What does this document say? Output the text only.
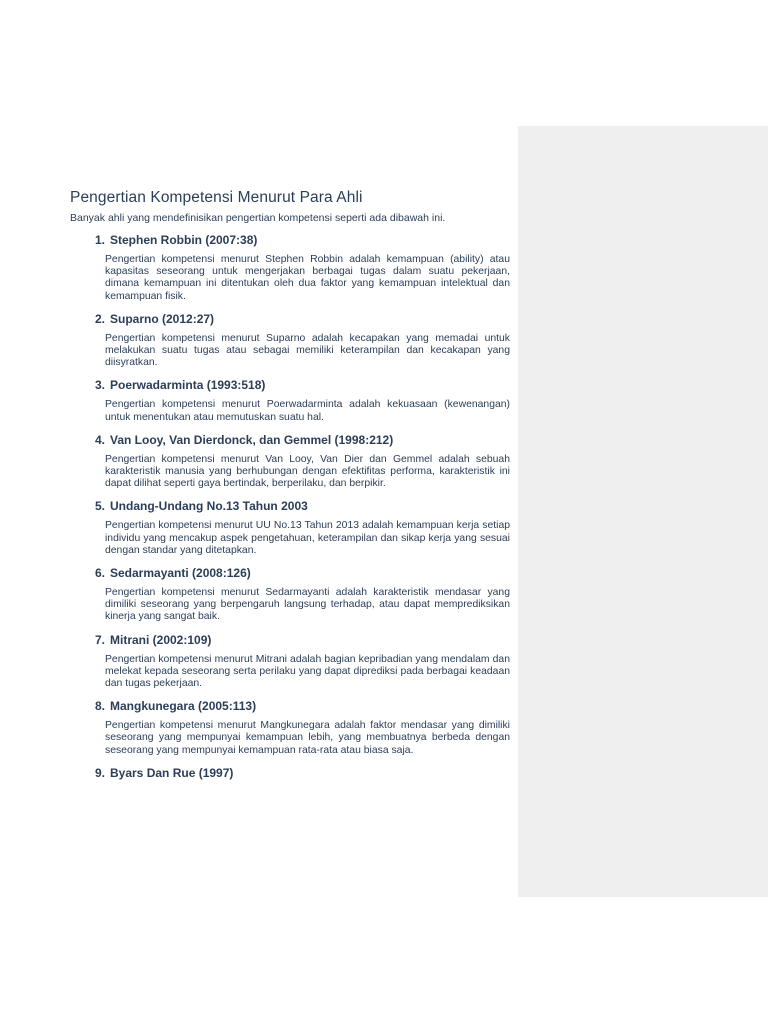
Pengertian Kompetensi Menurut Para Ahli

Banyak ahli yang mendefinisikan pengertian kompetensi seperti ada dibawah ini.

1. Stephen Robbin (2007:38)

Pengertian kompetensi menurut Stephen Robbin adalah kemampuan (ability) atau kapasitas seseorang untuk mengerjakan berbagai tugas dalam suatu pekerjaan, dimana kemampuan ini ditentukan oleh dua faktor yang kemampuan intelektual dan kemampuan fisik.

2. Suparno (2012:27)

Pengertian kompetensi menurut Suparno adalah kecapakan yang memadai untuk melakukan suatu tugas atau sebagai memiliki keterampilan dan kecakapan yang diisyratkan.

3. Poerwadarminta (1993:518)

Pengertian kompetensi menurut Poerwadarminta adalah kekuasaan (kewenangan) untuk menentukan atau memutuskan suatu hal.

4. Van Looy, Van Dierdonck, dan Gemmel (1998:212)

Pengertian kompetensi menurut Van Looy, Van Dier dan Gemmel adalah sebuah karakteristik manusia yang berhubungan dengan efektifitas performa, karakteristik ini dapat dilihat seperti gaya bertindak, berperilaku, dan berpikir.

5. Undang-Undang No.13 Tahun 2003

Pengertian kompetensi menurut UU No.13 Tahun 2013 adalah kemampuan kerja setiap individu yang mencakup aspek pengetahuan, keterampilan dan sikap kerja yang sesuai dengan standar yang ditetapkan.

6. Sedarmayanti (2008:126)

Pengertian kompetensi menurut Sedarmayanti adalah karakteristik mendasar yang dimiliki seseorang yang berpengaruh langsung terhadap, atau dapat memprediksikan kinerja yang sangat baik.

7. Mitrani (2002:109)

Pengertian kompetensi menurut Mitrani adalah bagian kepribadian yang mendalam dan melekat kepada seseorang serta perilaku yang dapat diprediksi pada berbagai keadaan dan tugas pekerjaan.

8. Mangkunegara (2005:113)

Pengertian kompetensi menurut Mangkunegara adalah faktor mendasar yang dimiliki seseorang yang mempunyai kemampuan lebih, yang membuatnya berbeda dengan seseorang yang mempunyai kemampuan rata-rata atau biasa saja.

9. Byars Dan Rue (1997)
